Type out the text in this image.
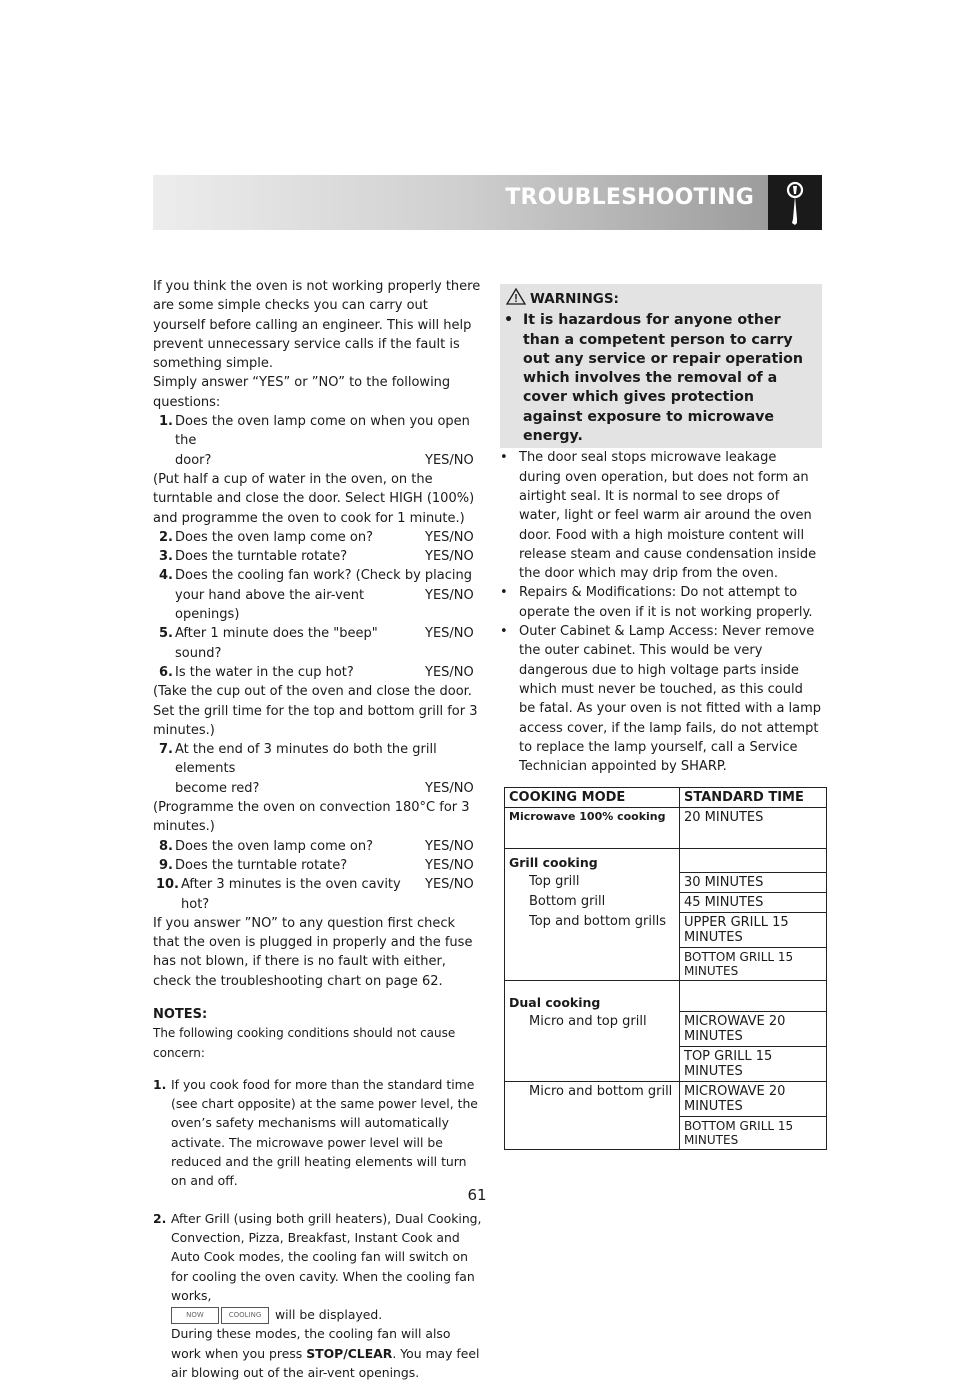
TROUBLESHOOTING

If you think the oven is not working properly there are some simple checks you can carry out yourself before calling an engineer. This will help prevent unnecessary service calls if the fault is something simple.

Simply answer “YES” or ”NO” to the following questions:

1. Does the oven lamp come on when you open the
door?	YES/NO

(Put half a cup of water in the oven, on the turntable and close the door. Select HIGH (100%) and programme the oven to cook for 1 minute.)

2. Does the oven lamp come on?	YES/NO
3. Does the turntable rotate?	YES/NO
4. Does the cooling fan work? (Check by placing
your hand above the air-vent openings)
YES/NO
5. After 1 minute does the "beep" sound?
YES/NO
6. Is the water in the cup hot?	YES/NO

(Take the cup out of the oven and close the door. Set the grill time for the top and bottom grill for 3 minutes.)

7. At the end of 3 minutes do both the grill elements
become red?	YES/NO

(Programme the oven on convection 180°C for 3 minutes.)

8. Does the oven lamp come on?	YES/NO
9. Does the turntable rotate?	YES/NO
10. After 3 minutes is the oven cavity hot?
YES/NO

If you answer ”NO” to any question first check that the oven is plugged in properly and the fuse has not blown, if there is no fault with either, check the troubleshooting chart on page 62.

NOTES:

The following cooking conditions should not cause concern:

1. If you cook food for more than the standard time (see chart opposite) at the same power level, the oven’s safety mechanisms will automatically activate. The microwave power level will be reduced and the grill heating elements will turn on and off.
2. After Grill (using both grill heaters), Dual Cooking, Convection, Pizza, Breakfast, Instant Cook and Auto Cook modes, the cooling fan will switch on for cooling the oven cavity. When the cooling fan works,
NOW	COOLING will be displayed.
During these modes, the cooling fan will also work when you press STOP/CLEAR. You may feel air blowing out of the air-vent openings.
WARNINGS:
• It is hazardous for anyone other than a competent person to carry out any service or repair operation which involves the removal of a cover which gives protection against exposure to microwave energy.
• The door seal stops microwave leakage during oven operation, but does not form an airtight seal. It is normal to see drops of water, light or feel warm air around the oven door. Food with a high moisture content will release steam and cause condensation inside the door which may drip from the oven.
• Repairs & Modifications: Do not attempt to operate the oven if it is not working properly.
• Outer Cabinet & Lamp Access: Never remove the outer cabinet. This would be very dangerous due to high voltage parts inside which must never be touched, as this could be fatal. As your oven is not fitted with a lamp access cover, if the lamp fails, do not attempt to replace the lamp yourself, call a Service Technician appointed by SHARP.
COOKING MODE	STANDARD TIME
Microwave 100% cooking	20 MINUTES
Grill cooking	
Top grill	30 MINUTES
Bottom grill	45 MINUTES
Top and bottom grills	UPPER GRILL 15 MINUTES
	BOTTOM GRILL 15 MINUTES
Dual cooking	
Micro and top grill	MICROWAVE 20 MINUTES
	TOP GRILL 15 MINUTES
Micro and bottom grill	MICROWAVE 20 MINUTES
	BOTTOM GRILL 15 MINUTES
61
